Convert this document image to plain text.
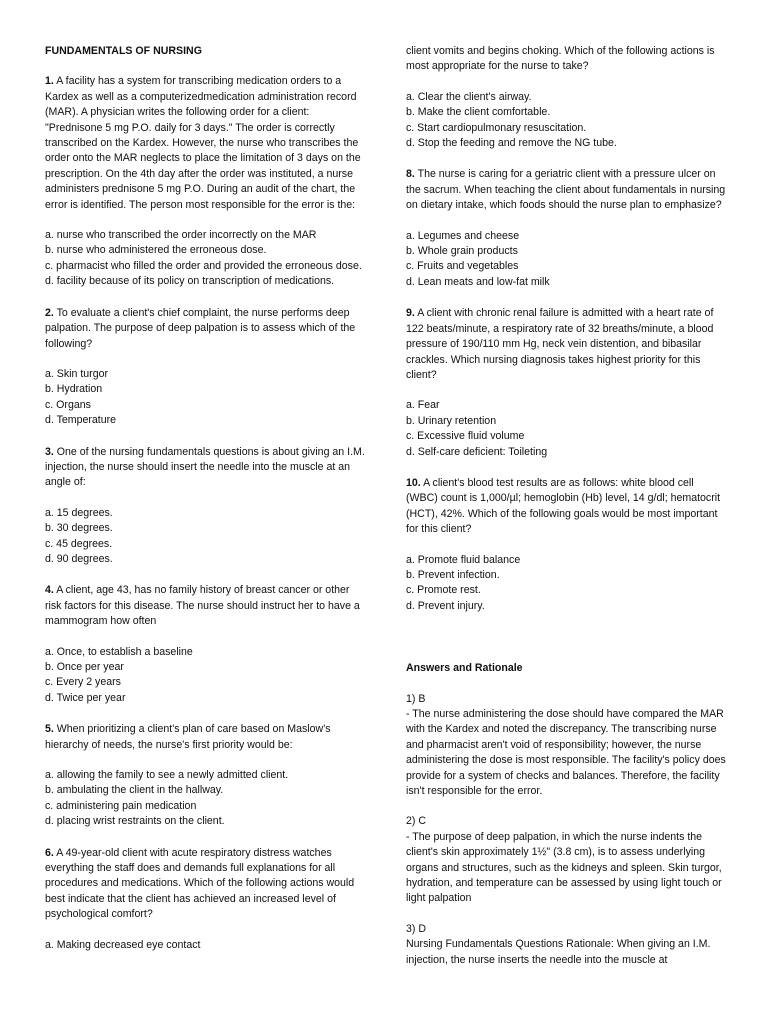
FUNDAMENTALS OF NURSING

1. A facility has a system for transcribing medication orders to a Kardex as well as a computerizedmedication administration record (MAR). A physician writes the following order for a client: "Prednisone 5 mg P.O. daily for 3 days." The order is correctly transcribed on the Kardex. However, the nurse who transcribes the order onto the MAR neglects to place the limitation of 3 days on the prescription. On the 4th day after the order was instituted, a nurse administers prednisone 5 mg P.O. During an audit of the chart, the error is identified. The person most responsible for the error is the:

a. nurse who transcribed the order incorrectly on the MAR
b. nurse who administered the erroneous dose.
c. pharmacist who filled the order and provided the erroneous dose.
d. facility because of its policy on transcription of medications.

2. To evaluate a client's chief complaint, the nurse performs deep palpation. The purpose of deep palpation is to assess which of the following?

a. Skin turgor
b. Hydration
c. Organs
d. Temperature

3. One of the nursing fundamentals questions is about giving an I.M. injection, the nurse should insert the needle into the muscle at an angle of:

a. 15 degrees.
b. 30 degrees.
c. 45 degrees.
d. 90 degrees.

4. A client, age 43, has no family history of breast cancer or other risk factors for this disease. The nurse should instruct her to have a mammogram how often

a. Once, to establish a baseline
b. Once per year
c. Every 2 years
d. Twice per year

5. When prioritizing a client's plan of care based on Maslow's hierarchy of needs, the nurse's first priority would be:

a. allowing the family to see a newly admitted client.
b. ambulating the client in the hallway.
c. administering pain medication
d. placing wrist restraints on the client.

6. A 49-year-old client with acute respiratory distress watches everything the staff does and demands full explanations for all procedures and medications. Which of the following actions would best indicate that the client has achieved an increased level of psychological comfort?

a. Making decreased eye contact

client vomits and begins choking. Which of the following actions is most appropriate for the nurse to take?

a. Clear the client's airway.
b. Make the client comfortable.
c. Start cardiopulmonary resuscitation.
d. Stop the feeding and remove the NG tube.

8. The nurse is caring for a geriatric client with a pressure ulcer on the sacrum. When teaching the client about fundamentals in nursing on dietary intake, which foods should the nurse plan to emphasize?

a. Legumes and cheese
b. Whole grain products
c. Fruits and vegetables
d. Lean meats and low-fat milk

9. A client with chronic renal failure is admitted with a heart rate of 122 beats/minute, a respiratory rate of 32 breaths/minute, a blood pressure of 190/110 mm Hg, neck vein distention, and bibasilar crackles. Which nursing diagnosis takes highest priority for this client?

a. Fear
b. Urinary retention
c. Excessive fluid volume
d. Self-care deficient: Toileting

10. A client's blood test results are as follows: white blood cell (WBC) count is 1,000/µl; hemoglobin (Hb) level, 14 g/dl; hematocrit (HCT), 42%. Which of the following goals would be most important for this client?

a. Promote fluid balance
b. Prevent infection.
c. Promote rest.
d. Prevent injury.
Answers and Rationale
1) B
- The nurse administering the dose should have compared the MAR with the Kardex and noted the discrepancy. The transcribing nurse and pharmacist aren't void of responsibility; however, the nurse administering the dose is most responsible. The facility's policy does provide for a system of checks and balances. Therefore, the facility isn't responsible for the error.
2) C
- The purpose of deep palpation, in which the nurse indents the client's skin approximately 1½" (3.8 cm), is to assess underlying organs and structures, such as the kidneys and spleen. Skin turgor, hydration, and temperature can be assessed by using light touch or light palpation
3) D
Nursing Fundamentals Questions Rationale: When giving an I.M. injection, the nurse inserts the needle into the muscle at
